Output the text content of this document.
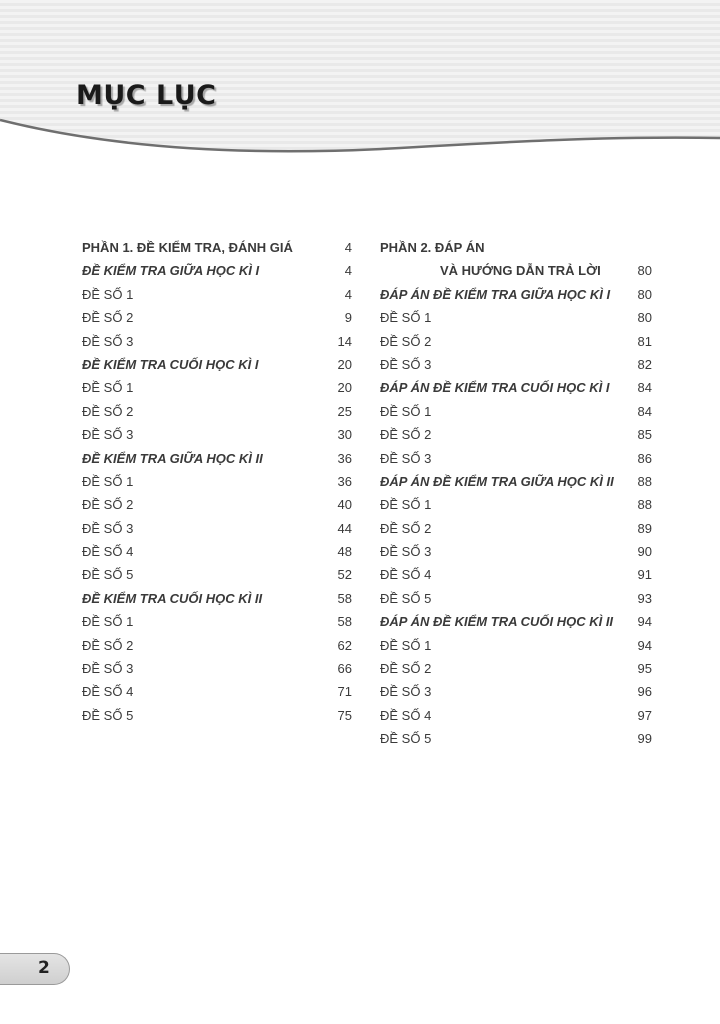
MỤC LỤC
PHẦN 1. ĐỀ KIỂM TRA, ĐÁNH GIÁ	4
ĐỀ KIỂM TRA GIỮA HỌC KÌ I	4
ĐỀ SỐ 1	4
ĐỀ SỐ 2	9
ĐỀ SỐ 3	14
ĐỀ KIỂM TRA CUỐI HỌC KÌ I	20
ĐỀ SỐ 1	20
ĐỀ SỐ 2	25
ĐỀ SỐ 3	30
ĐỀ KIỂM TRA GIỮA HỌC KÌ II	36
ĐỀ SỐ 1	36
ĐỀ SỐ 2	40
ĐỀ SỐ 3	44
ĐỀ SỐ 4	48
ĐỀ SỐ 5	52
ĐỀ KIỂM TRA CUỐI HỌC KÌ II	58
ĐỀ SỐ 1	58
ĐỀ SỐ 2	62
ĐỀ SỐ 3	66
ĐỀ SỐ 4	71
ĐỀ SỐ 5	75
PHẦN 2. ĐÁP ÁN
VÀ HƯỚNG DẪN TRẢ LỜI	80
ĐÁP ÁN ĐỀ KIỂM TRA GIỮA HỌC KÌ I 80
ĐỀ SỐ 1	80
ĐỀ SỐ 2	81
ĐỀ SỐ 3	82
ĐÁP ÁN ĐỀ KIỂM TRA CUỐI HỌC KÌ I 84
ĐỀ SỐ 1	84
ĐỀ SỐ 2	85
ĐỀ SỐ 3	86
ĐÁP ÁN ĐỀ KIỂM TRA GIỮA HỌC KÌ II 88
ĐỀ SỐ 1	88
ĐỀ SỐ 2	89
ĐỀ SỐ 3	90
ĐỀ SỐ 4	91
ĐỀ SỐ 5	93
ĐÁP ÁN ĐỀ KIỂM TRA CUỐI HỌC KÌ II 94
ĐỀ SỐ 1	94
ĐỀ SỐ 2	95
ĐỀ SỐ 3	96
ĐỀ SỐ 4	97
ĐỀ SỐ 5	99
2
